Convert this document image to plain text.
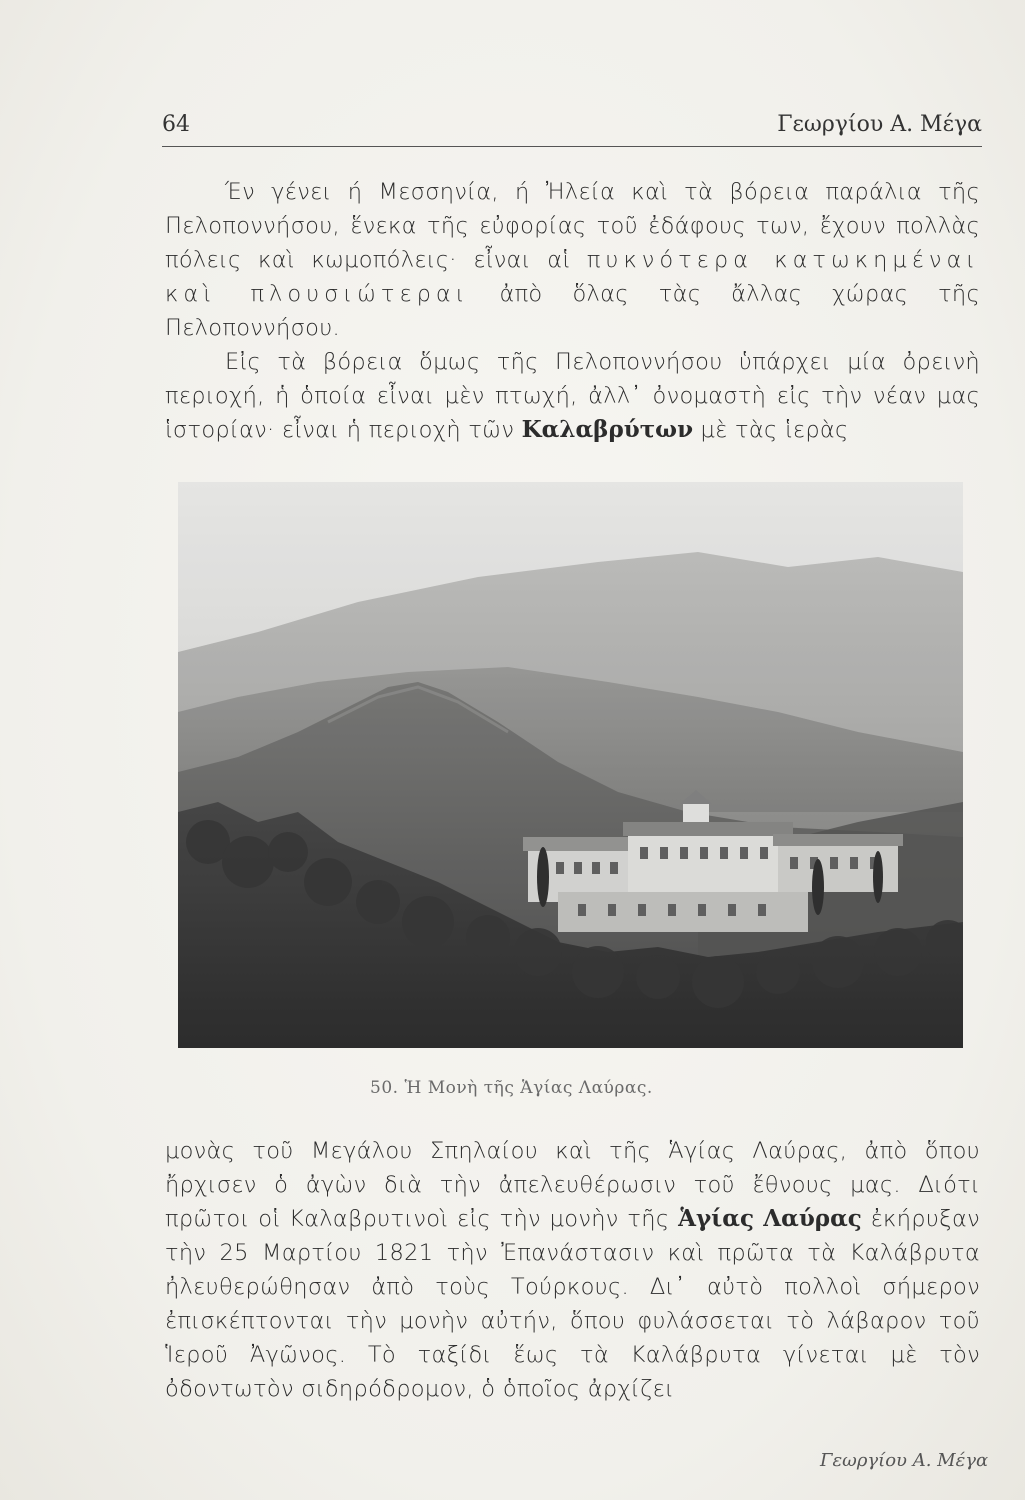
64	Γεωργίου Α. Μέγα

Έν γένει ή Μεσσηνία, ή Ἠλεία καὶ τὰ βόρεια παράλια τῆς Πελοποννήσου, ἕνεκα τῆς εὐφορίας τοῦ ἐδάφους των, ἔχουν πολλὰς πόλεις καὶ κωμοπόλεις· εἶναι αἱ πυκνότερα κατωκημέναι καὶ πλουσιώτεραι ἀπὸ ὅλας τὰς ἄλλας χώρας τῆς Πελοποννήσου.

Εἰς τὰ βόρεια ὅμως τῆς Πελοποννήσου ὑπάρχει μία ὀρεινὴ περιοχή, ἡ ὁποία εἶναι μὲν πτωχή, ἀλλ᾽ ὀνομαστὴ εἰς τὴν νέαν μας ἱστορίαν· εἶναι ἡ περιοχὴ τῶν Καλαβρύτων μὲ τὰς ἱερὰς

50. Ἡ Μονὴ τῆς Ἁγίας Λαύρας.

μονὰς τοῦ Μεγάλου Σπηλαίου καὶ τῆς Ἁγίας Λαύρας, ἀπὸ ὅπου ἤρχισεν ὁ ἀγὼν διὰ τὴν ἀπελευθέρωσιν τοῦ ἔθνους μας. Διότι πρῶτοι οἱ Καλαβρυτινοὶ εἰς τὴν μονὴν τῆς Ἁγίας Λαύρας ἐκήρυξαν τὴν 25 Μαρτίου 1821 τὴν Ἐπανάστασιν καὶ πρῶτα τὰ Καλάβρυτα ἠλευθερώθησαν ἀπὸ τοὺς Τούρκους. Δι᾽ αὐτὸ πολλοὶ σήμερον ἐπισκέπτονται τὴν μονὴν αὐτήν, ὅπου φυλάσσεται τὸ λάβαρον τοῦ Ἱεροῦ Ἀγῶνος. Τὸ ταξίδι ἕως τὰ Καλάβρυτα γίνεται μὲ τὸν ὀδοντωτὸν σιδηρόδρομον, ὁ ὁποῖος ἀρχίζει

Γεωργίου Α. Μέγα
